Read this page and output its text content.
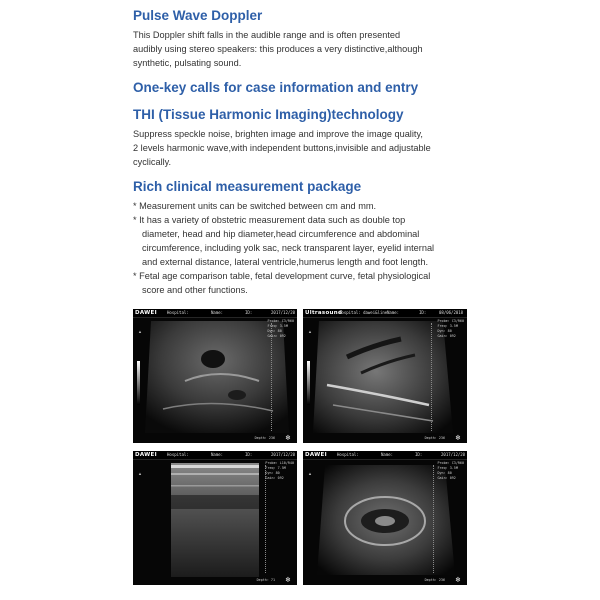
Pulse Wave Doppler

This Doppler shift falls in the audible range and is often presented

audibly using stereo speakers: this produces a very distinctive,although

synthetic, pulsating sound.

One-key calls for case information and entry
THI (Tissue Harmonic Imaging)technology

Suppress speckle noise, brighten image and improve the image quality,

2 levels harmonic wave,with independent buttons,invisible and adjustable

cyclically.

Rich clinical measurement package

* Measurement units can be switched between cm and mm.

* It has a variety of obstetric measurement data such as double top

diameter, head and hip diameter,head circumference and abdominal

circumference, including yolk sac, neck transparent layer, eyelid internal

and external distance, lateral ventricle,humerus length and foot length.

* Fetal age comparison table, fetal development curve, fetal physiological

score and other functions.

DAWEI	Hospital:	Name:	ID:	2017/12/20
▲
Probe: C3/R60
Freq: 3.5M
Dyn: 80
Gain: 092
Depth: 236 ❄
Ultrasound
Hospital: dawei&line Name:	ID:	08/06/2018
▲
Probe: C3/R60
Freq: 3.5M
Dyn: 80
Gain: 092
Depth: 236 ❄
DAWEI	Hospital:	Name:	ID:	2017/12/20
▲
Probe: L10/R40
Freq: 7.5M
Dyn: 80
Gain: 092
Depth: 71 ❄
DAWEI	Hospital:	Name:	ID:	2017/12/20
▲
Probe: C3/R60
Freq: 3.5M
Dyn: 80
Gain: 092
Depth: 236 ❄
